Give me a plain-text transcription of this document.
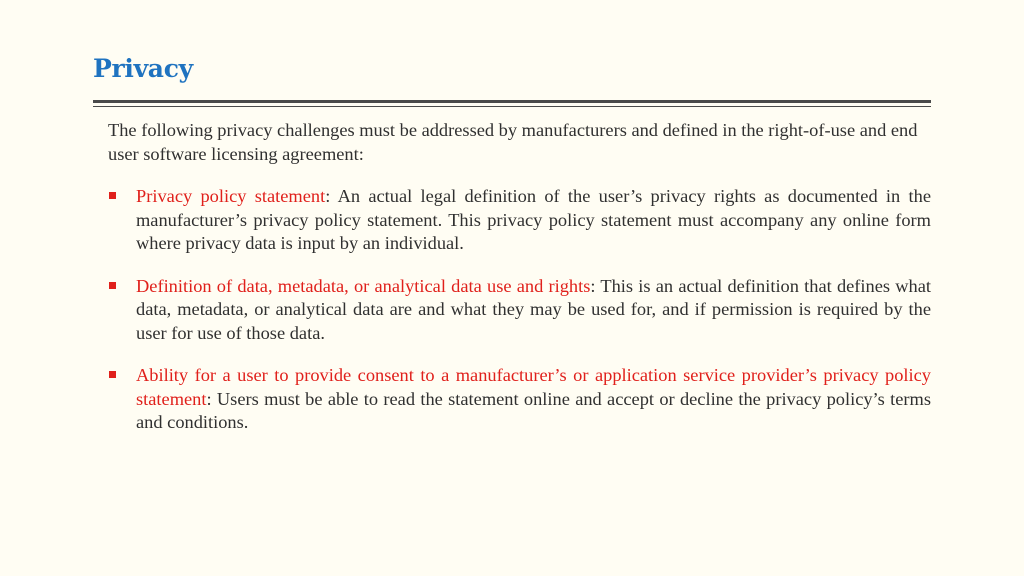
Privacy

The following privacy challenges must be addressed by manufacturers and defined in the right-of-use and end user software licensing agreement:

Privacy policy statement: An actual legal definition of the user’s privacy rights as documented in the manufacturer’s privacy policy statement. This privacy policy statement must accompany any online form where privacy data is input by an individual.
Definition of data, metadata, or analytical data use and rights: This is an actual definition that defines what data, metadata, or analytical data are and what they may be used for, and if permission is required by the user for use of those data.
Ability for a user to provide consent to a manufacturer’s or application service provider’s privacy policy statement: Users must be able to read the statement online and accept or decline the privacy policy’s terms and conditions.
